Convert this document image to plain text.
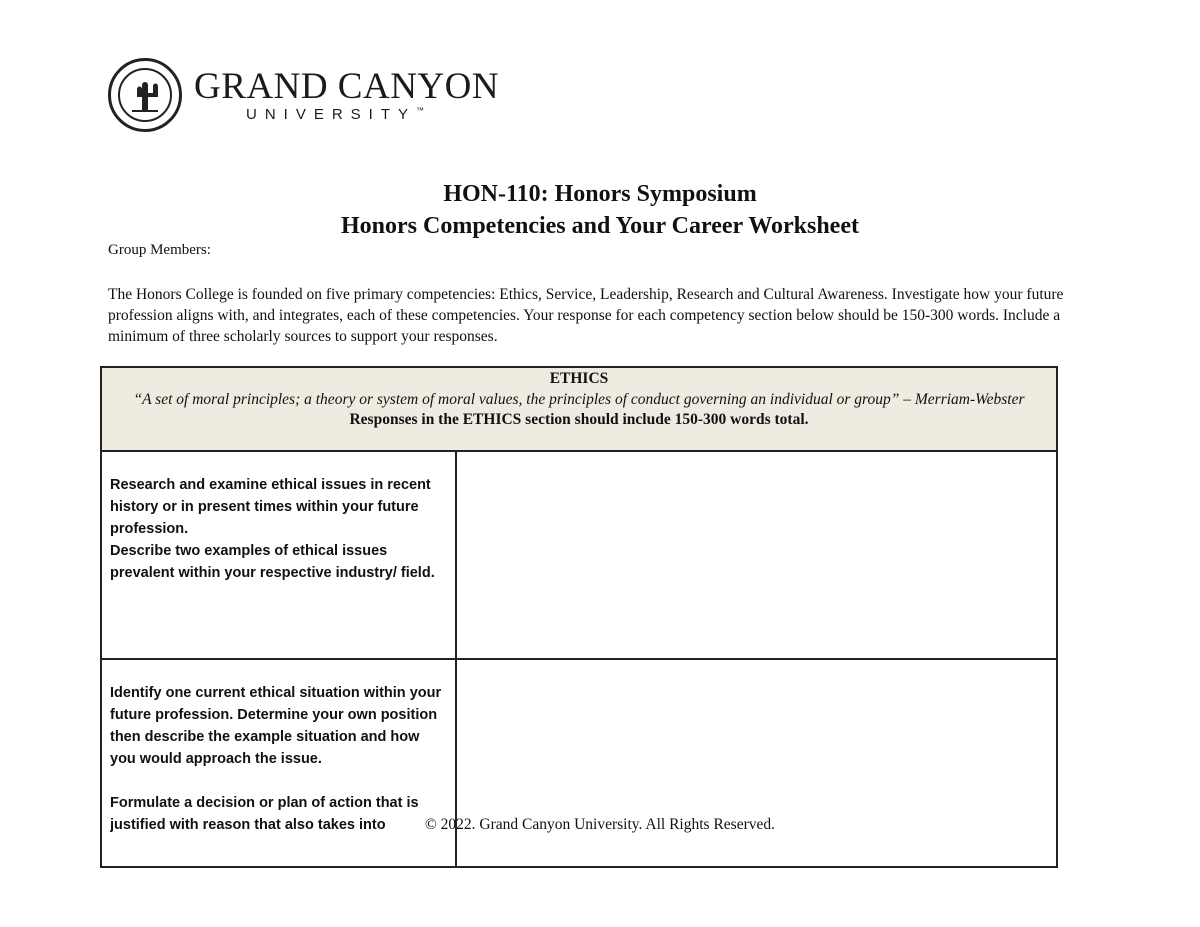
GRAND CANYON
UNIVERSITY™
HON-110: Honors Symposium
Honors Competencies and Your Career Worksheet
Group Members:
The Honors College is founded on five primary competencies: Ethics, Service, Leadership, Research and Cultural Awareness. Investigate how your future profession aligns with, and integrates, each of these competencies. Your response for each competency section below should be 150-300 words. Include a minimum of three scholarly sources to support your responses.
ETHICS
“A set of moral principles; a theory or system of moral values, the principles of conduct governing an individual or group” – Merriam-Webster
Responses in the ETHICS section should include 150-300 words total.	

Research and examine ethical issues in recent history or in present times within your future profession.
Describe two examples of ethical issues prevalent within your respective industry/ field.	

Identify one current ethical situation within your future profession. Determine your own position then describe the example situation and how you would approach the issue.
Formulate a decision or plan of action that is justified with reason that also takes into	
		© 2022. Grand Canyon University. All Rights Reserved.
